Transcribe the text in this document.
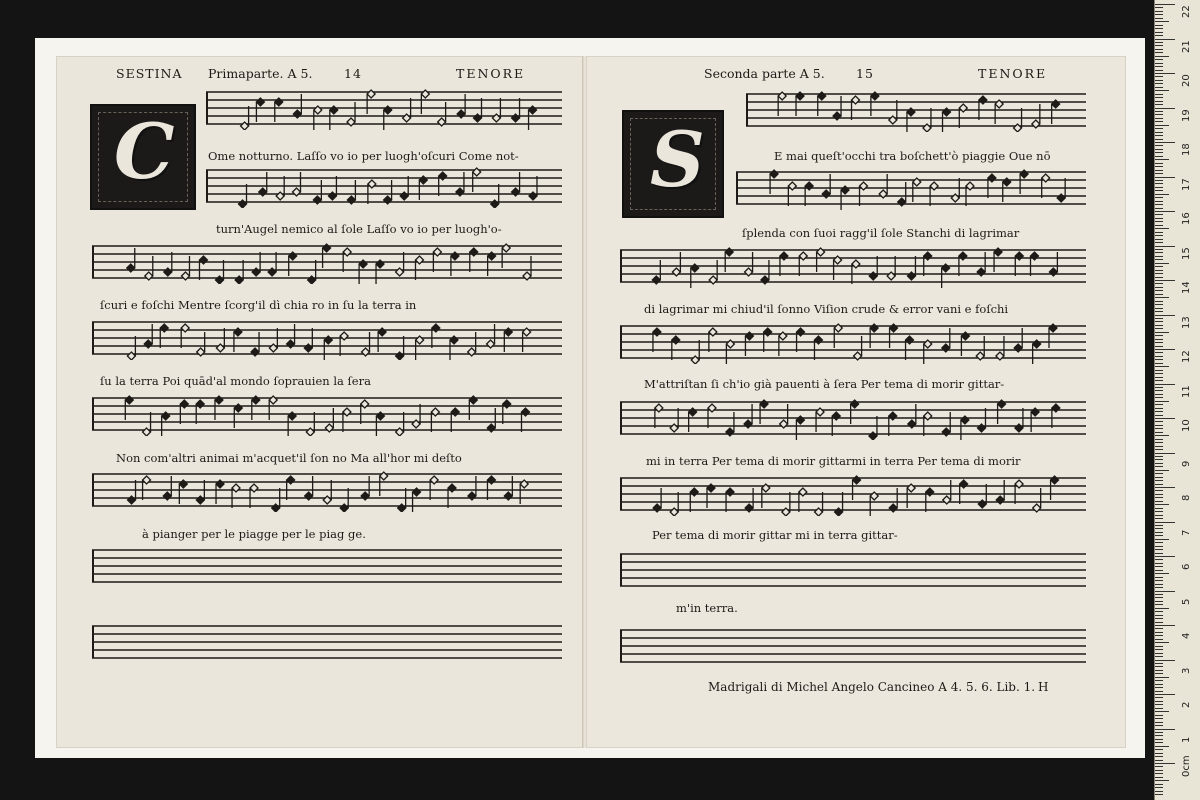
SESTINA Primaparte. A 5.	14	TENORE
C	Ome notturno. Laſſo vo io per luogh'oſcuri Come not-
turn'Augel nemico al ſole Laſſo vo io per luogh'o-
ſcuri e foſchi Mentre ſcorg'il dì chia ro in ſu la terra in
ſu la terra Poi quād'al mondo ſoprauien la ſera
Non com'altri animai m'acquet'il ſon no Ma all'hor mi deſto
à pianger per le piagge per le piag ge.
Seconda parte A 5.	15	TENORE
S	E mai queſt'occhi tra boſchett'ò piaggie Oue nō
ſplenda con ſuoi ragg'il ſole Stanchi di lagrimar
di lagrimar mi chiud'il ſonno Viſion crude & error vani e foſchi
M'attriſtan ſi ch'io già pauenti à ſera Per tema di morir gittar-
mi in terra Per tema di morir gittarmi in terra Per tema di morir
Per tema di morir gittar mi in terra gittar-
m'in terra.
Madrigali di Michel Angelo Cancineo A 4. 5. 6. Lib. 1. H
22
21
20
19
18
17
16
15
14
13
12
11
10
9
8
7
6
5
4
3
2
1
0cm
